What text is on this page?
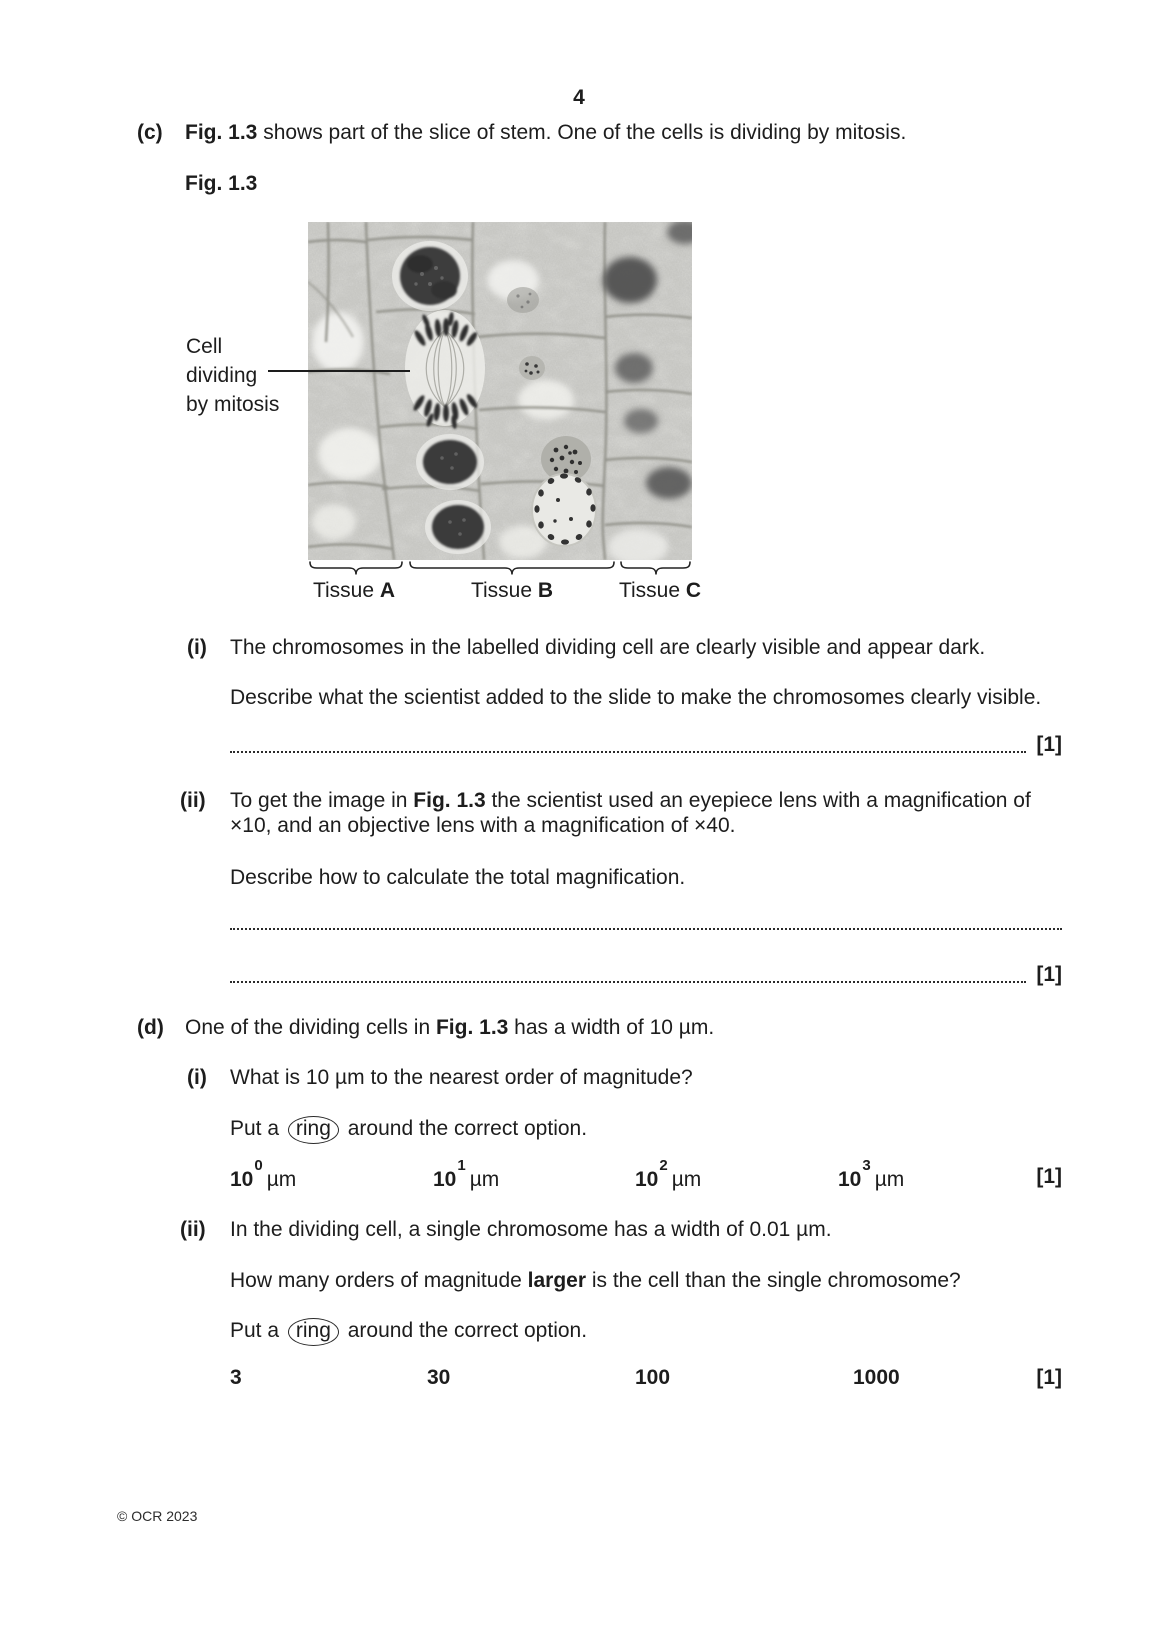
4
(c) Fig. 1.3 shows part of the slice of stem. One of the cells is dividing by mitosis.
Fig. 1.3
Cell
dividing
by mitosis
Tissue A	Tissue B	Tissue C
(i) The chromosomes in the labelled dividing cell are clearly visible and appear dark.
Describe what the scientist added to the slide to make the chromosomes clearly visible.
[1]
(ii) To get the image in Fig. 1.3 the scientist used an eyepiece lens with a magnification of
×10, and an objective lens with a magnification of ×40.
Describe how to calculate the total magnification.
[1]
(d) One of the dividing cells in Fig. 1.3 has a width of 10 µm.
(i) What is 10 µm to the nearest order of magnitude?
Put a ring around the correct option.
$10^0\mu m$	$10^1\mu m$	$10^2\mu m$	$10^3\mu m$	[1]
(ii) In the dividing cell, a single chromosome has a width of 0.01 µm.
How many orders of magnitude larger is the cell than the single chromosome?
Put a ring around the correct option.
3	30	100	1000	[1]
© OCR 2023
